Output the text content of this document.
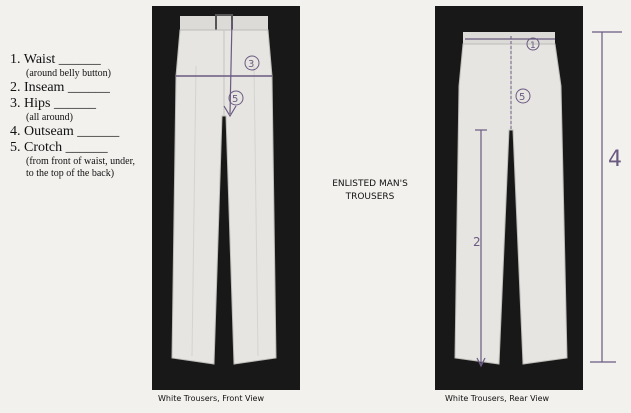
1. Waist ______
(around belly button)
2. Inseam ______
3. Hips ______
(all around)
4. Outseam ______
5. Crotch ______
(from front of waist, under,
to the top of the back)
3
5
White Trousers, Front View
ENLISTED MAN'S
TROUSERS
1
5
2
White Trousers, Rear View
4
